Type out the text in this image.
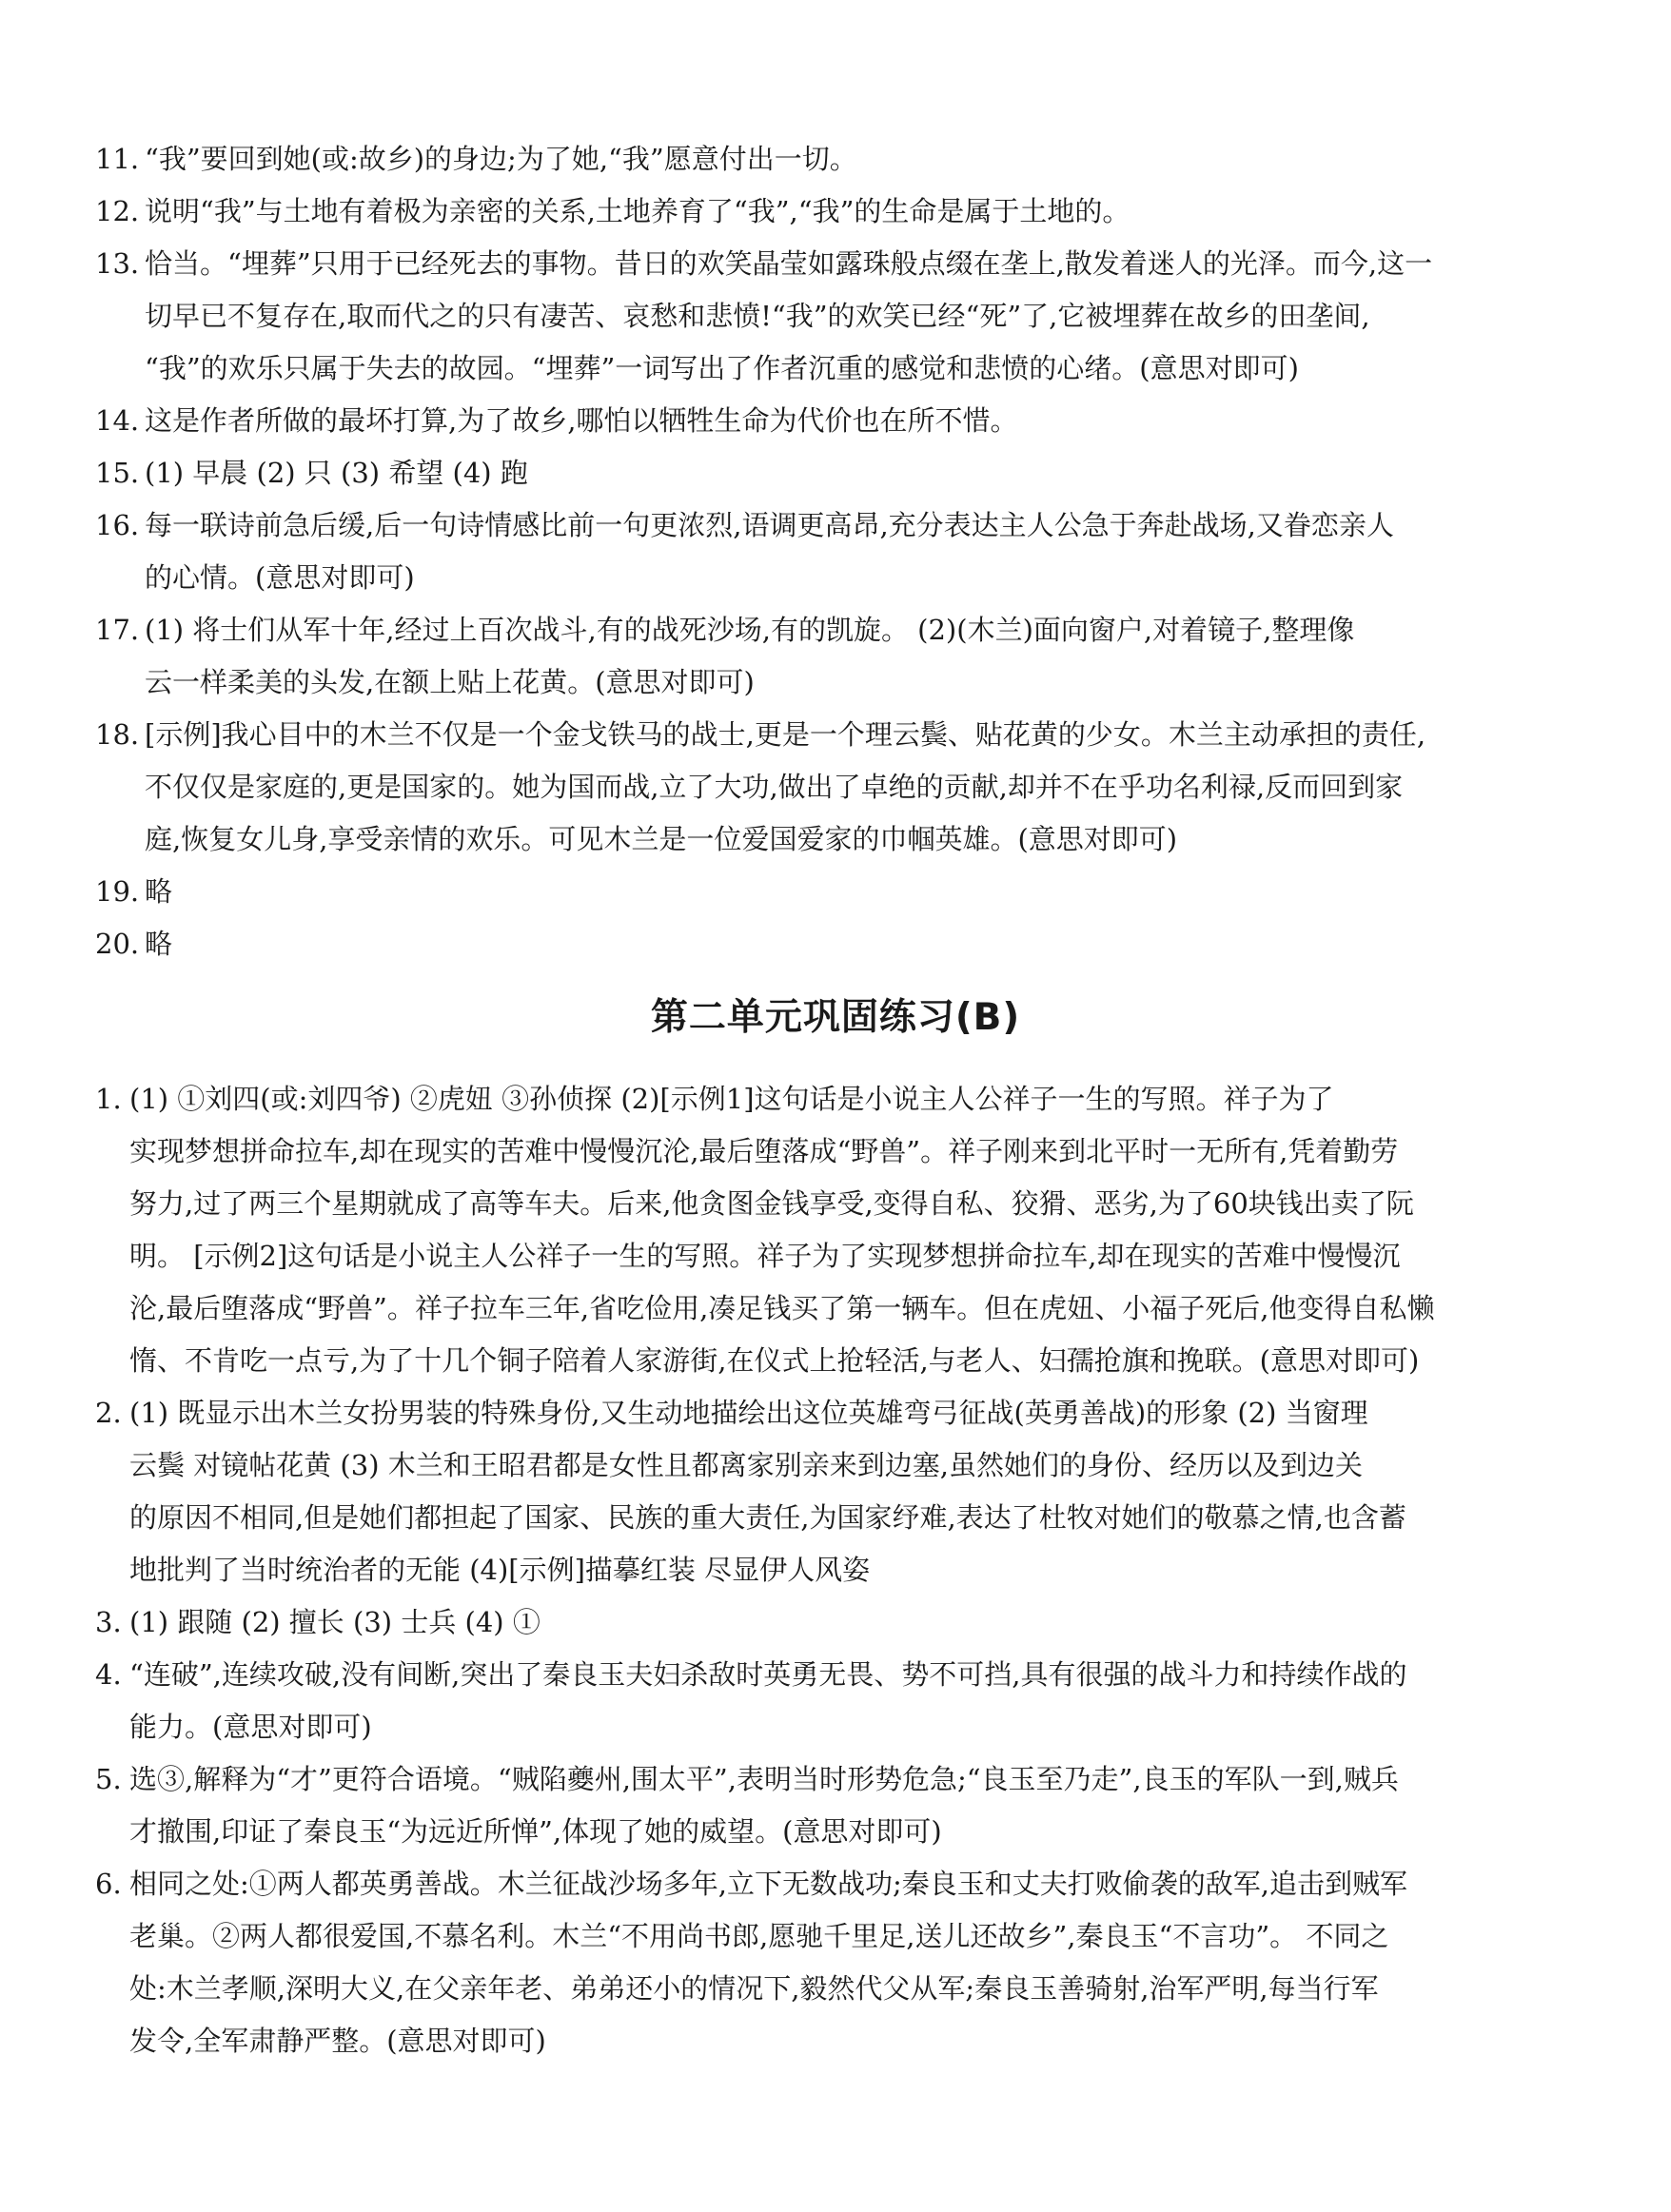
11. “我”要回到她(或:故乡)的身边;为了她,“我”愿意付出一切。
12. 说明“我”与土地有着极为亲密的关系,土地养育了“我”,“我”的生命是属于土地的。
13. 恰当。“埋葬”只用于已经死去的事物。昔日的欢笑晶莹如露珠般点缀在垄上,散发着迷人的光泽。而今,这一
切早已不复存在,取而代之的只有凄苦、哀愁和悲愤!“我”的欢笑已经“死”了,它被埋葬在故乡的田垄间,
“我”的欢乐只属于失去的故园。“埋葬”一词写出了作者沉重的感觉和悲愤的心绪。(意思对即可)
14. 这是作者所做的最坏打算,为了故乡,哪怕以牺牲生命为代价也在所不惜。
15. (1) 早晨 (2) 只 (3) 希望 (4) 跑
16. 每一联诗前急后缓,后一句诗情感比前一句更浓烈,语调更高昂,充分表达主人公急于奔赴战场,又眷恋亲人
的心情。(意思对即可)
17. (1) 将士们从军十年,经过上百次战斗,有的战死沙场,有的凯旋。 (2)(木兰)面向窗户,对着镜子,整理像
云一样柔美的头发,在额上贴上花黄。(意思对即可)
18. [示例]我心目中的木兰不仅是一个金戈铁马的战士,更是一个理云鬓、贴花黄的少女。木兰主动承担的责任,
不仅仅是家庭的,更是国家的。她为国而战,立了大功,做出了卓绝的贡献,却并不在乎功名利禄,反而回到家
庭,恢复女儿身,享受亲情的欢乐。可见木兰是一位爱国爱家的巾帼英雄。(意思对即可)
19. 略
20. 略
第二单元巩固练习(B)
1. (1) ①刘四(或:刘四爷) ②虎妞 ③孙侦探 (2)[示例1]这句话是小说主人公祥子一生的写照。祥子为了
实现梦想拼命拉车,却在现实的苦难中慢慢沉沦,最后堕落成“野兽”。祥子刚来到北平时一无所有,凭着勤劳
努力,过了两三个星期就成了高等车夫。后来,他贪图金钱享受,变得自私、狡猾、恶劣,为了60块钱出卖了阮
明。 [示例2]这句话是小说主人公祥子一生的写照。祥子为了实现梦想拼命拉车,却在现实的苦难中慢慢沉
沦,最后堕落成“野兽”。祥子拉车三年,省吃俭用,凑足钱买了第一辆车。但在虎妞、小福子死后,他变得自私懒
惰、不肯吃一点亏,为了十几个铜子陪着人家游街,在仪式上抢轻活,与老人、妇孺抢旗和挽联。(意思对即可)
2. (1) 既显示出木兰女扮男装的特殊身份,又生动地描绘出这位英雄弯弓征战(英勇善战)的形象 (2) 当窗理
云鬓 对镜帖花黄 (3) 木兰和王昭君都是女性且都离家别亲来到边塞,虽然她们的身份、经历以及到边关
的原因不相同,但是她们都担起了国家、民族的重大责任,为国家纾难,表达了杜牧对她们的敬慕之情,也含蓄
地批判了当时统治者的无能 (4)[示例]描摹红装 尽显伊人风姿
3. (1) 跟随 (2) 擅长 (3) 士兵 (4) ①
4. “连破”,连续攻破,没有间断,突出了秦良玉夫妇杀敌时英勇无畏、势不可挡,具有很强的战斗力和持续作战的
能力。(意思对即可)
5. 选③,解释为“才”更符合语境。“贼陷夔州,围太平”,表明当时形势危急;“良玉至乃走”,良玉的军队一到,贼兵
才撤围,印证了秦良玉“为远近所惮”,体现了她的威望。(意思对即可)
6. 相同之处:①两人都英勇善战。木兰征战沙场多年,立下无数战功;秦良玉和丈夫打败偷袭的敌军,追击到贼军
老巢。②两人都很爱国,不慕名利。木兰“不用尚书郎,愿驰千里足,送儿还故乡”,秦良玉“不言功”。 不同之
处:木兰孝顺,深明大义,在父亲年老、弟弟还小的情况下,毅然代父从军;秦良玉善骑射,治军严明,每当行军
发令,全军肃静严整。(意思对即可)
